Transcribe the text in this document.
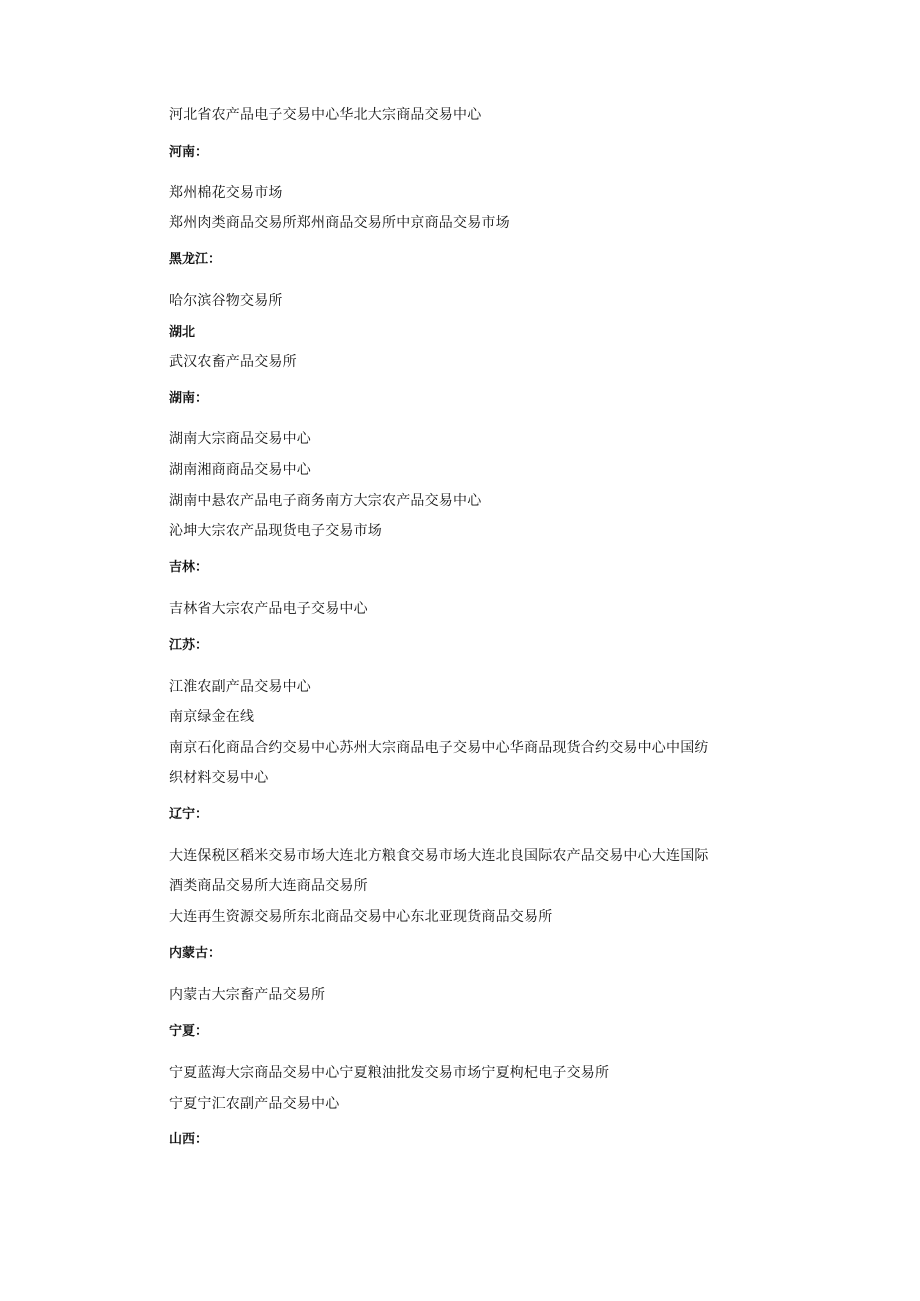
河北省农产品电子交易中心华北大宗商品交易中心
河南：
郑州棉花交易市场
郑州肉类商品交易所郑州商品交易所中京商品交易市场
黑龙江：
哈尔滨谷物交易所
湖北
武汉农畜产品交易所
湖南：
湖南大宗商品交易中心
湖南湘商商品交易中心
湖南中悬农产品电子商务南方大宗农产品交易中心
沁坤大宗农产品现货电子交易市场
吉林：
吉林省大宗农产品电子交易中心
江苏：
江淮农副产品交易中心
南京绿金在线
南京石化商品合约交易中心苏州大宗商品电子交易中心华商品现货合约交易中心中国纺
织材料交易中心
辽宁：
大连保税区稻米交易市场大连北方粮食交易市场大连北良国际农产品交易中心大连国际
酒类商品交易所大连商品交易所
大连再生资源交易所东北商品交易中心东北亚现货商品交易所
内蒙古：
内蒙古大宗畜产品交易所
宁夏：
宁夏蓝海大宗商品交易中心宁夏粮油批发交易市场宁夏枸杞电子交易所
宁夏宁汇农副产品交易中心
山西：
